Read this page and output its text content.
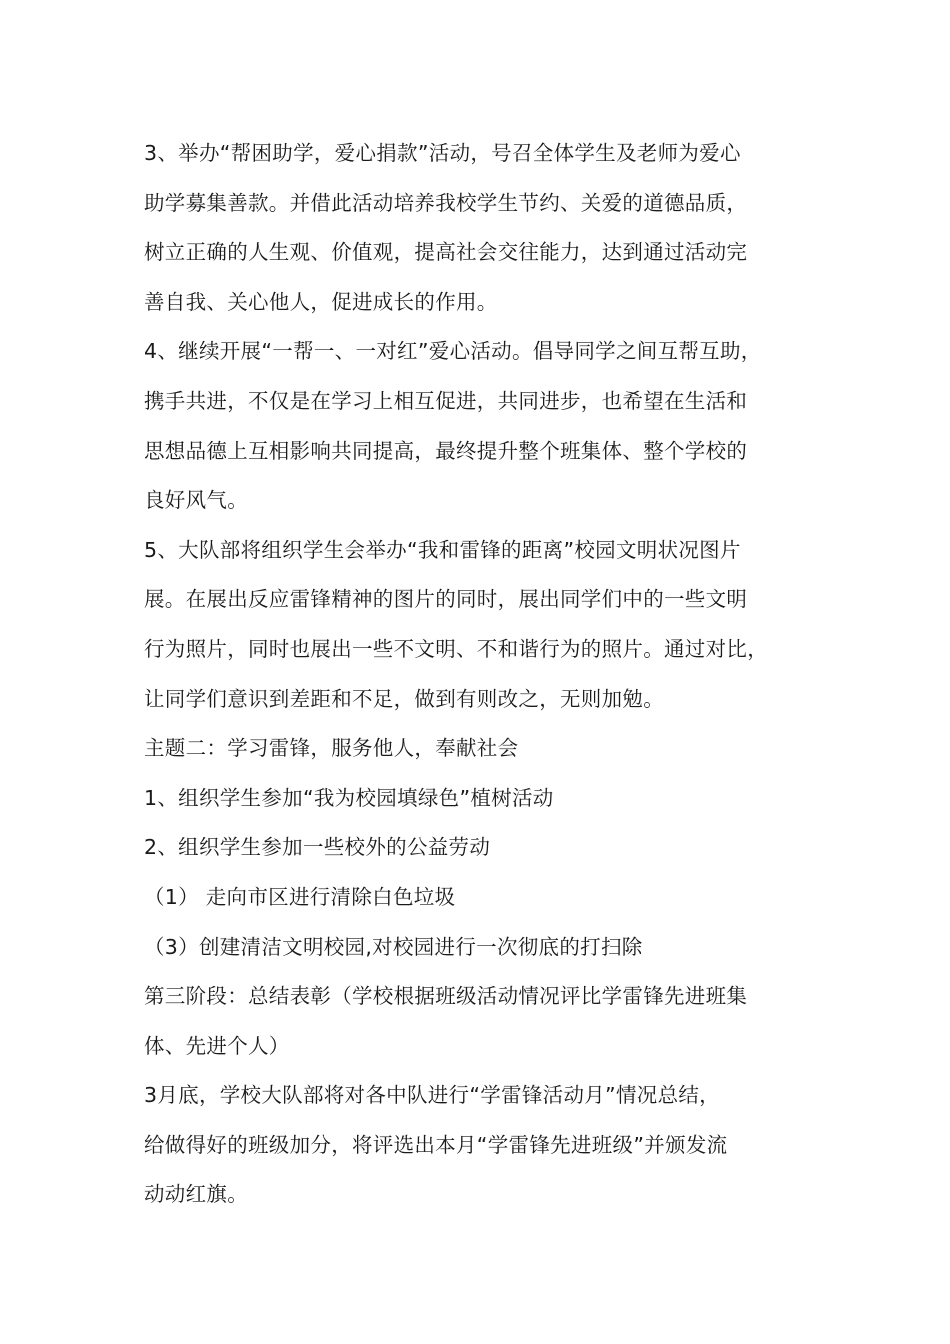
3、举办“帮困助学，爱心捐款”活动，号召全体学生及老师为爱心
助学募集善款。并借此活动培养我校学生节约、关爱的道德品质，
树立正确的人生观、价值观，提高社会交往能力，达到通过活动完
善自我、关心他人，促进成长的作用。
4、继续开展“一帮一、一对红”爱心活动。倡导同学之间互帮互助，
携手共进，不仅是在学习上相互促进，共同进步，也希望在生活和
思想品德上互相影响共同提高，最终提升整个班集体、整个学校的
良好风气。
5、大队部将组织学生会举办“我和雷锋的距离”校园文明状况图片
展。在展出反应雷锋精神的图片的同时，展出同学们中的一些文明
行为照片，同时也展出一些不文明、不和谐行为的照片。通过对比，
让同学们意识到差距和不足，做到有则改之，无则加勉。
主题二：学习雷锋，服务他人，奉献社会
1、组织学生参加“我为校园填绿色”植树活动
2、组织学生参加一些校外的公益劳动
（1） 走向市区进行清除白色垃圾
（3）创建清洁文明校园,对校园进行一次彻底的打扫除
第三阶段：总结表彰（学校根据班级活动情况评比学雷锋先进班集
体、先进个人）
3月底，学校大队部将对各中队进行“学雷锋活动月”情况总结，
给做得好的班级加分，将评选出本月“学雷锋先进班级”并颁发流
动动红旗。
